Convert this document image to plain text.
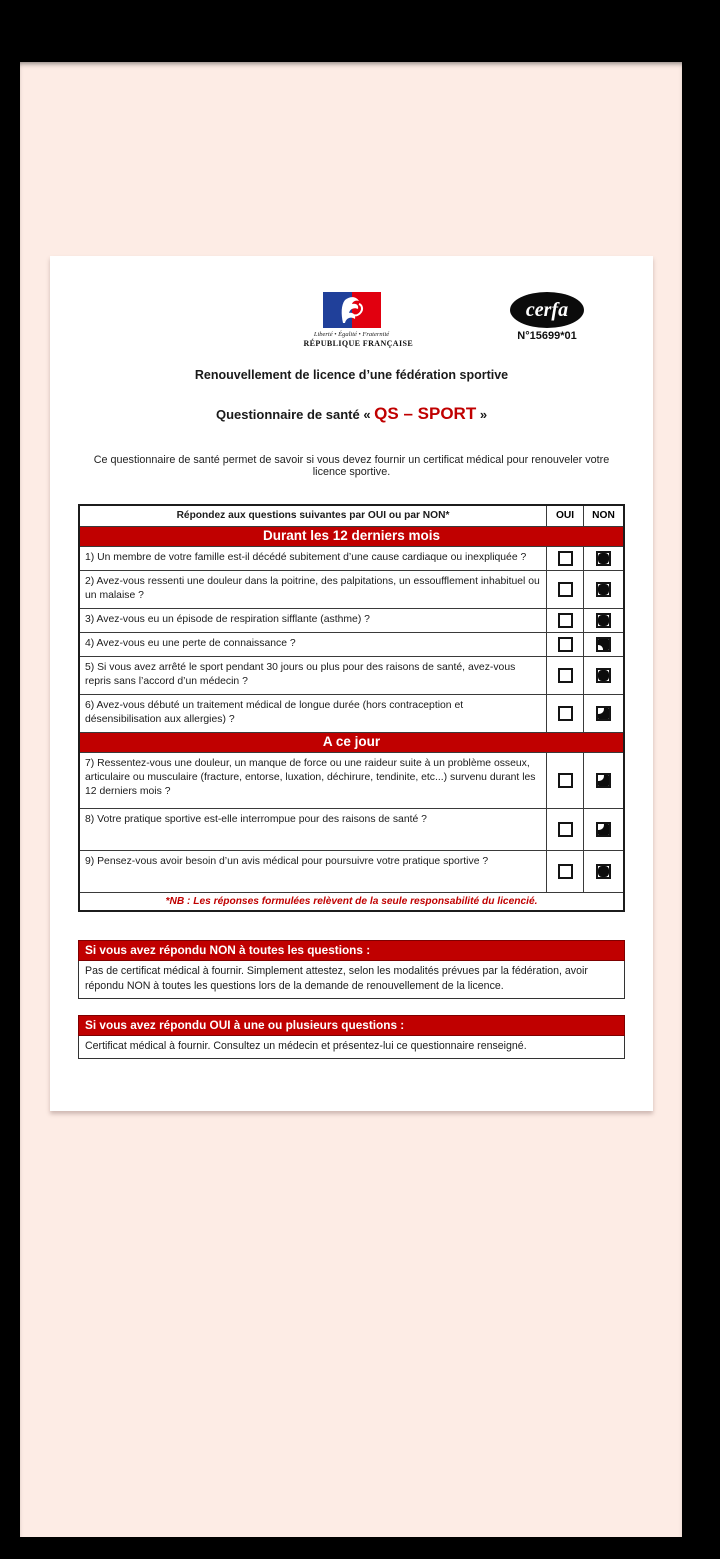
Liberté • Égalité • Fraternité
RÉPUBLIQUE FRANÇAISE
cerfa
N°15699*01
Renouvellement de licence d’une fédération sportive
Questionnaire de santé « QS – SPORT »
Ce questionnaire de santé permet de savoir si vous devez fournir un certificat médical pour renouveler votre licence sportive.
Répondez aux questions suivantes par OUI ou par NON*	OUI	NON
Durant les 12 derniers mois
1) Un membre de votre famille est-il décédé subitement d’une cause cardiaque ou inexpliquée ?
2) Avez-vous ressenti une douleur dans la poitrine, des palpitations, un essoufflement inhabituel ou un malaise ?
3) Avez-vous eu un épisode de respiration sifflante (asthme) ?
4) Avez-vous eu une perte de connaissance ?
5) Si vous avez arrêté le sport pendant 30 jours ou plus pour des raisons de santé, avez-vous repris sans l’accord d’un médecin ?
6) Avez-vous débuté un traitement médical de longue durée (hors contraception et désensibilisation aux allergies) ?
A ce jour
7) Ressentez-vous une douleur, un manque de force ou une raideur suite à un problème osseux, articulaire ou musculaire (fracture, entorse, luxation, déchirure, tendinite, etc...) survenu durant les 12 derniers mois ?
8) Votre pratique sportive est-elle interrompue pour des raisons de santé ?
9) Pensez-vous avoir besoin d’un avis médical pour poursuivre votre pratique sportive ?
*NB : Les réponses formulées relèvent de la seule responsabilité du licencié.
Si vous avez répondu NON à toutes les questions :
Pas de certificat médical à fournir. Simplement attestez, selon les modalités prévues par la fédération, avoir répondu NON à toutes les questions lors de la demande de renouvellement de la licence.
Si vous avez répondu OUI à une ou plusieurs questions :
Certificat médical à fournir. Consultez un médecin et présentez-lui ce questionnaire renseigné.
